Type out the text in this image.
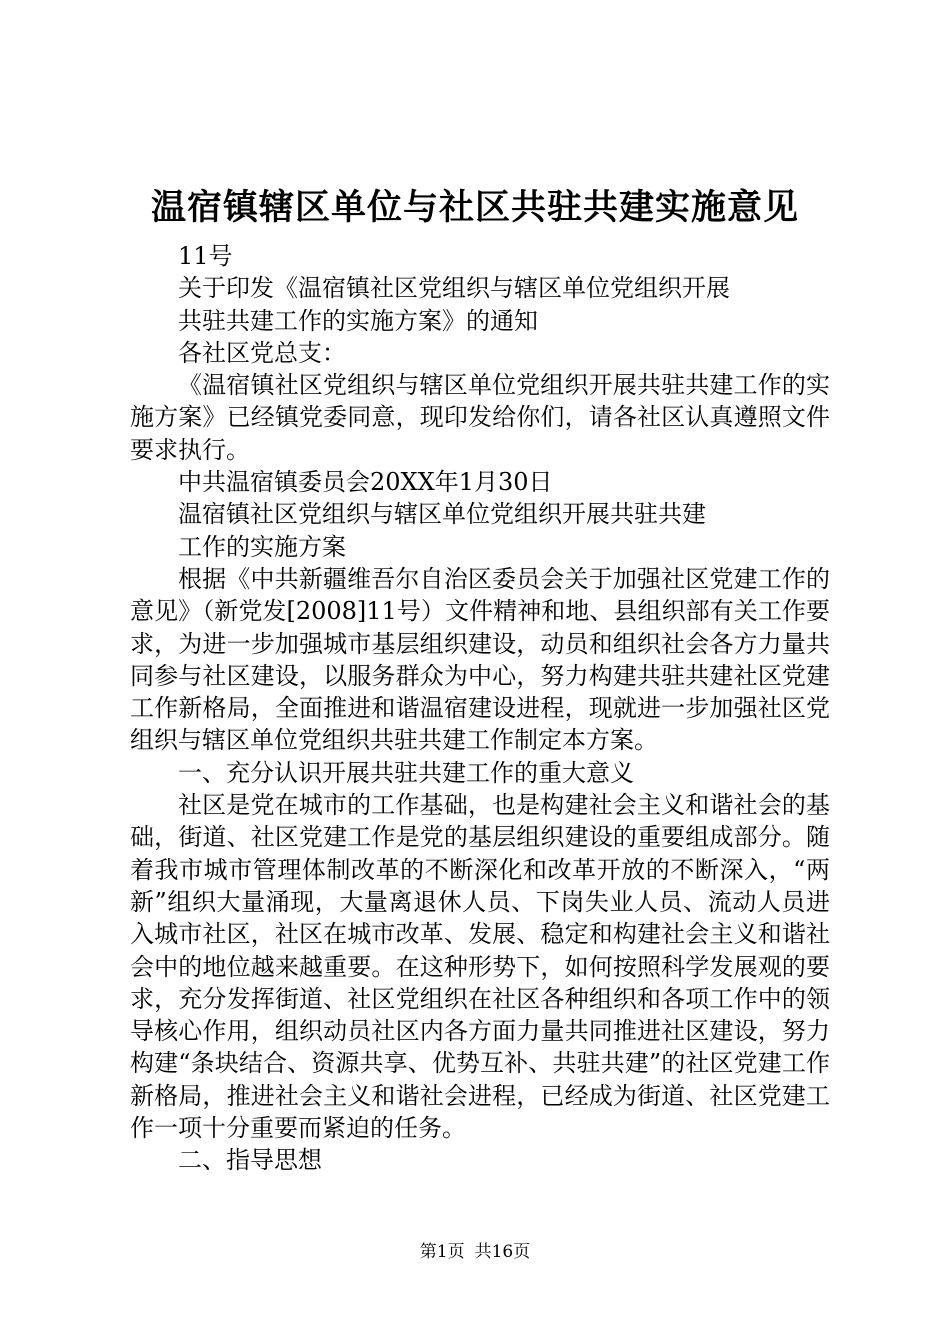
温宿镇辖区单位与社区共驻共建实施意见

11号

关于印发《温宿镇社区党组织与辖区单位党组织开展

共驻共建工作的实施方案》的通知

各社区党总支：

《温宿镇社区党组织与辖区单位党组织开展共驻共建工作的实施方案》已经镇党委同意，现印发给你们，请各社区认真遵照文件要求执行。

中共温宿镇委员会20XX年1月30日

温宿镇社区党组织与辖区单位党组织开展共驻共建

工作的实施方案

根据《中共新疆维吾尔自治区委员会关于加强社区党建工作的意见》（新党发[2008]11号）文件精神和地、县组织部有关工作要求，为进一步加强城市基层组织建设，动员和组织社会各方力量共同参与社区建设，以服务群众为中心，努力构建共驻共建社区党建工作新格局，全面推进和谐温宿建设进程，现就进一步加强社区党组织与辖区单位党组织共驻共建工作制定本方案。

一、充分认识开展共驻共建工作的重大意义

社区是党在城市的工作基础，也是构建社会主义和谐社会的基础，街道、社区党建工作是党的基层组织建设的重要组成部分。随着我市城市管理体制改革的不断深化和改革开放的不断深入，“两新”组织大量涌现，大量离退休人员、下岗失业人员、流动人员进入城市社区，社区在城市改革、发展、稳定和构建社会主义和谐社会中的地位越来越重要。在这种形势下，如何按照科学发展观的要求，充分发挥街道、社区党组织在社区各种组织和各项工作中的领导核心作用，组织动员社区内各方面力量共同推进社区建设，努力构建“条块结合、资源共享、优势互补、共驻共建”的社区党建工作新格局，推进社会主义和谐社会进程，已经成为街道、社区党建工作一项十分重要而紧迫的任务。

二、指导思想

第1页 共16页
